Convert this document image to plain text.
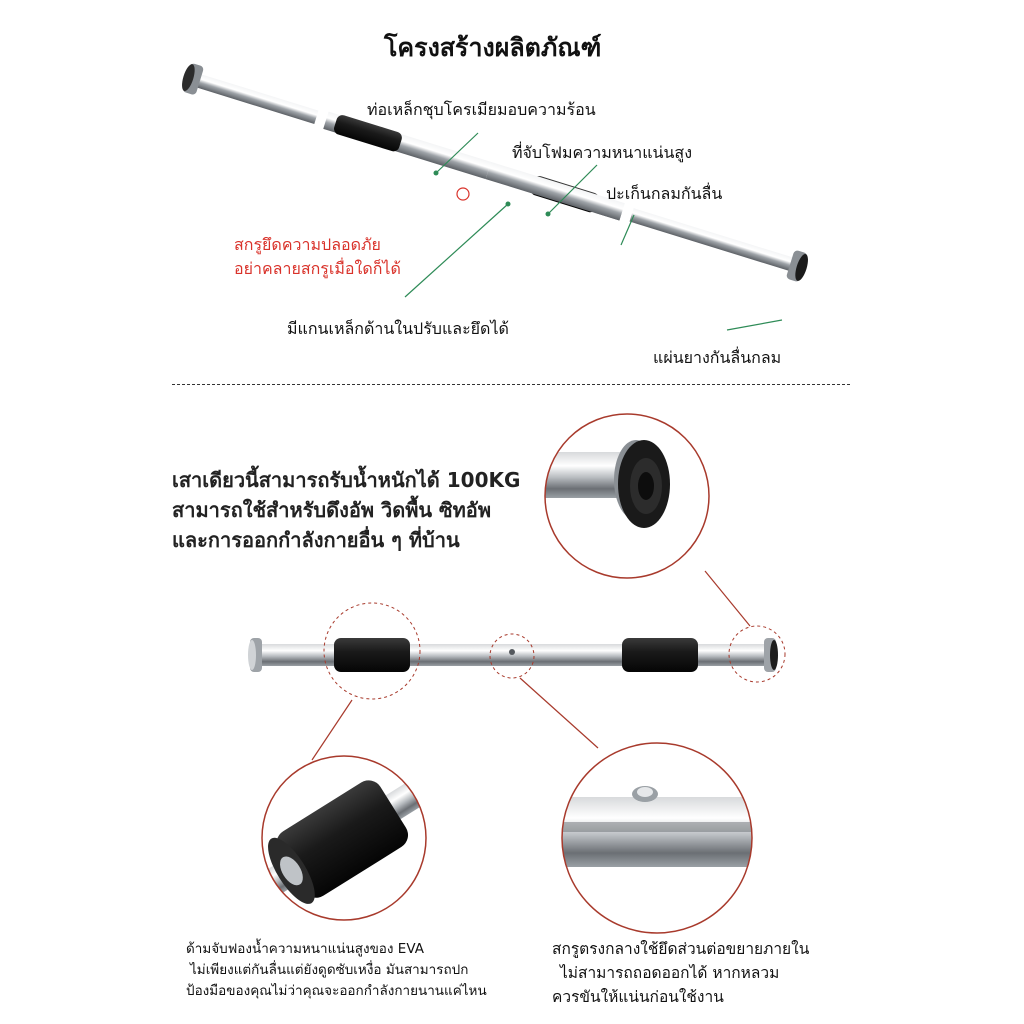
โครงสร้างผลิตภัณฑ์
ท่อเหล็กชุบโครเมียมอบความร้อน
ที่จับโฟมความหนาแน่นสูง
ปะเก็นกลมกันลื่น
สกรูยึดความปลอดภัย
อย่าคลายสกรูเมื่อใดก็ได้
มีแกนเหล็กด้านในปรับและยึดได้
แผ่นยางกันลื่นกลม
เสาเดียวนี้สามารถรับน้ำหนักได้ 100KG
สามารถใช้สำหรับดึงอัพ วิดพื้น ซิทอัพ
และการออกกำลังกายอื่น ๆ ที่บ้าน
ด้ามจับฟองน้ำความหนาแน่นสูงของ EVA
ไม่เพียงแต่กันลื่นแต่ยังดูดซับเหงื่อ มันสามารถปก
ป้องมือของคุณไม่ว่าคุณจะออกกำลังกายนานแค่ไหน
สกรูตรงกลางใช้ยึดส่วนต่อขยายภายใน
ไม่สามารถถอดออกได้ หากหลวม
ควรขันให้แน่นก่อนใช้งาน
